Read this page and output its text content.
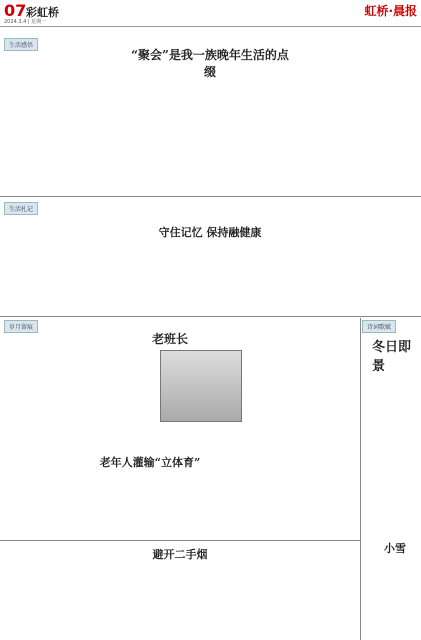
07 彩虹桥
2024.3.4 | 星期一
虹桥·晨报
生活感悟
“聚会”是我一族晚年生活的点缀
生活札记
守住记忆 保持融健康
岁月留痕
老班长
老年人灌输“立体育”
避开二手烟
诗词歌赋
冬日即景
小雪
